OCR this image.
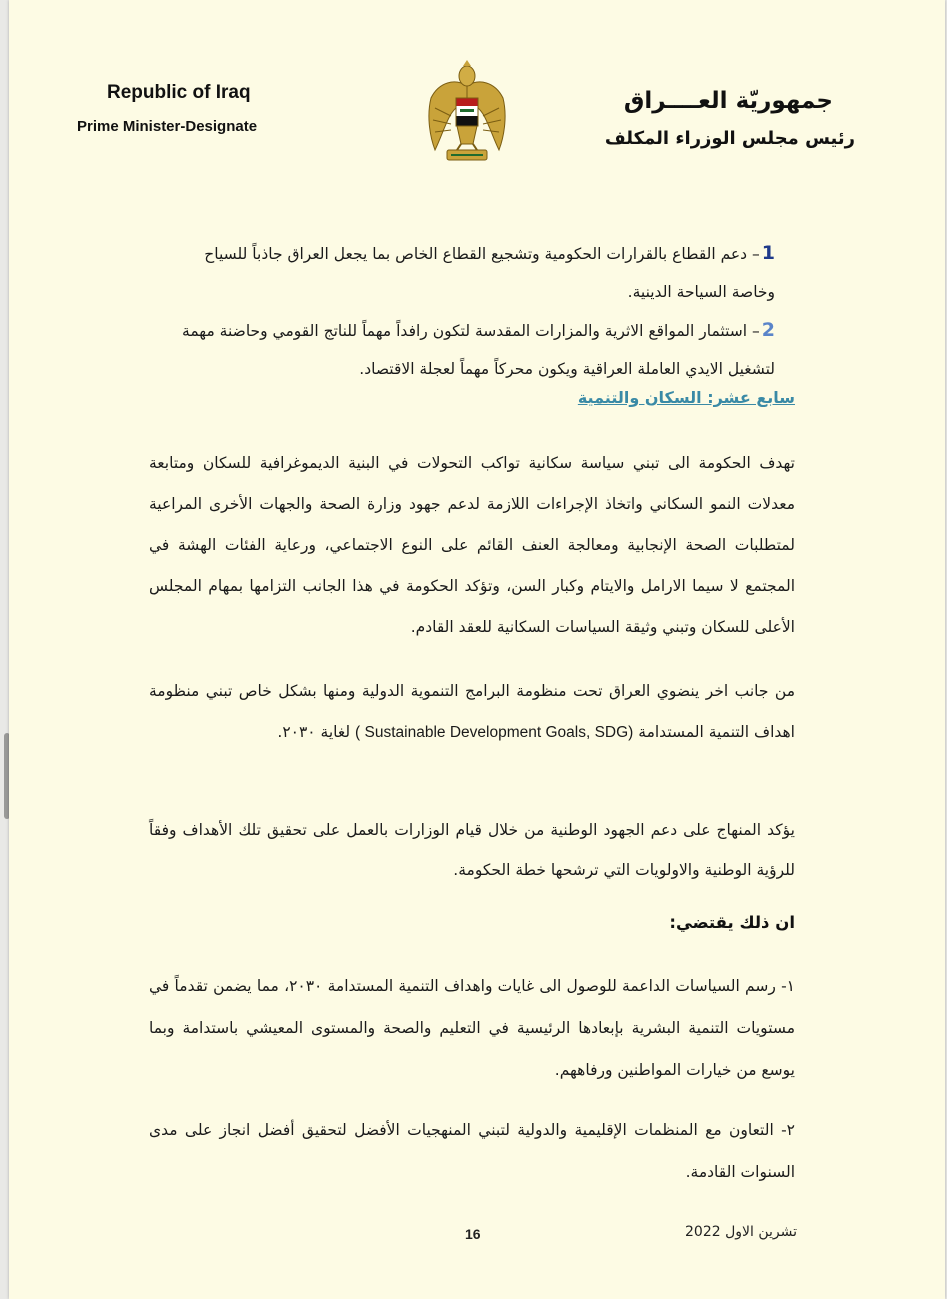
Republic of Iraq
Prime Minister-Designate
جمهوريّة العــــراق
رئيس مجلس الوزراء المكلف

1– دعم القطاع بالقرارات الحكومية وتشجيع القطاع الخاص بما يجعل العراق جاذباً للسياح

وخاصة السياحة الدينية.

2– استثمار المواقع الاثرية والمزارات المقدسة لتكون رافداً مهماً للناتج القومي وحاضنة مهمة

لتشغيل الايدي العاملة العراقية ويكون محركاً مهماً لعجلة الاقتصاد.

سابع عشر: السكان والتنمية

تهدف الحكومة الى تبني سياسة سكانية تواكب التحولات في البنية الديموغرافية للسكان ومتابعة معدلات النمو السكاني واتخاذ الإجراءات اللازمة لدعم جهود وزارة الصحة والجهات الأخرى المراعية لمتطلبات الصحة الإنجابية ومعالجة العنف القائم على النوع الاجتماعي، ورعاية الفئات الهشة في المجتمع لا سيما الارامل والايتام وكبار السن، وتؤكد الحكومة في هذا الجانب التزامها بمهام المجلس الأعلى للسكان وتبني وثيقة السياسات السكانية للعقد القادم.

من جانب اخر ينضوي العراق تحت منظومة البرامج التنموية الدولية ومنها بشكل خاص تبني منظومة اهداف التنمية المستدامة ( Sustainable Development Goals, SDG) لغاية ٢٠٣٠.

يؤكد المنهاج على دعم الجهود الوطنية من خلال قيام الوزارات بالعمل على تحقيق تلك الأهداف وفقاً للرؤية الوطنية والاولويات التي ترشحها خطة الحكومة.

ان ذلك يقتضي:

١- رسم السياسات الداعمة للوصول الى غايات واهداف التنمية المستدامة ٢٠٣٠، مما يضمن تقدماً في مستويات التنمية البشرية بإبعادها الرئيسية في التعليم والصحة والمستوى المعيشي باستدامة وبما يوسع من خيارات المواطنين ورفاههم.

٢- التعاون مع المنظمات الإقليمية والدولية لتبني المنهجيات الأفضل لتحقيق أفضل انجاز على مدى السنوات القادمة.

16	تشرين الاول 2022
